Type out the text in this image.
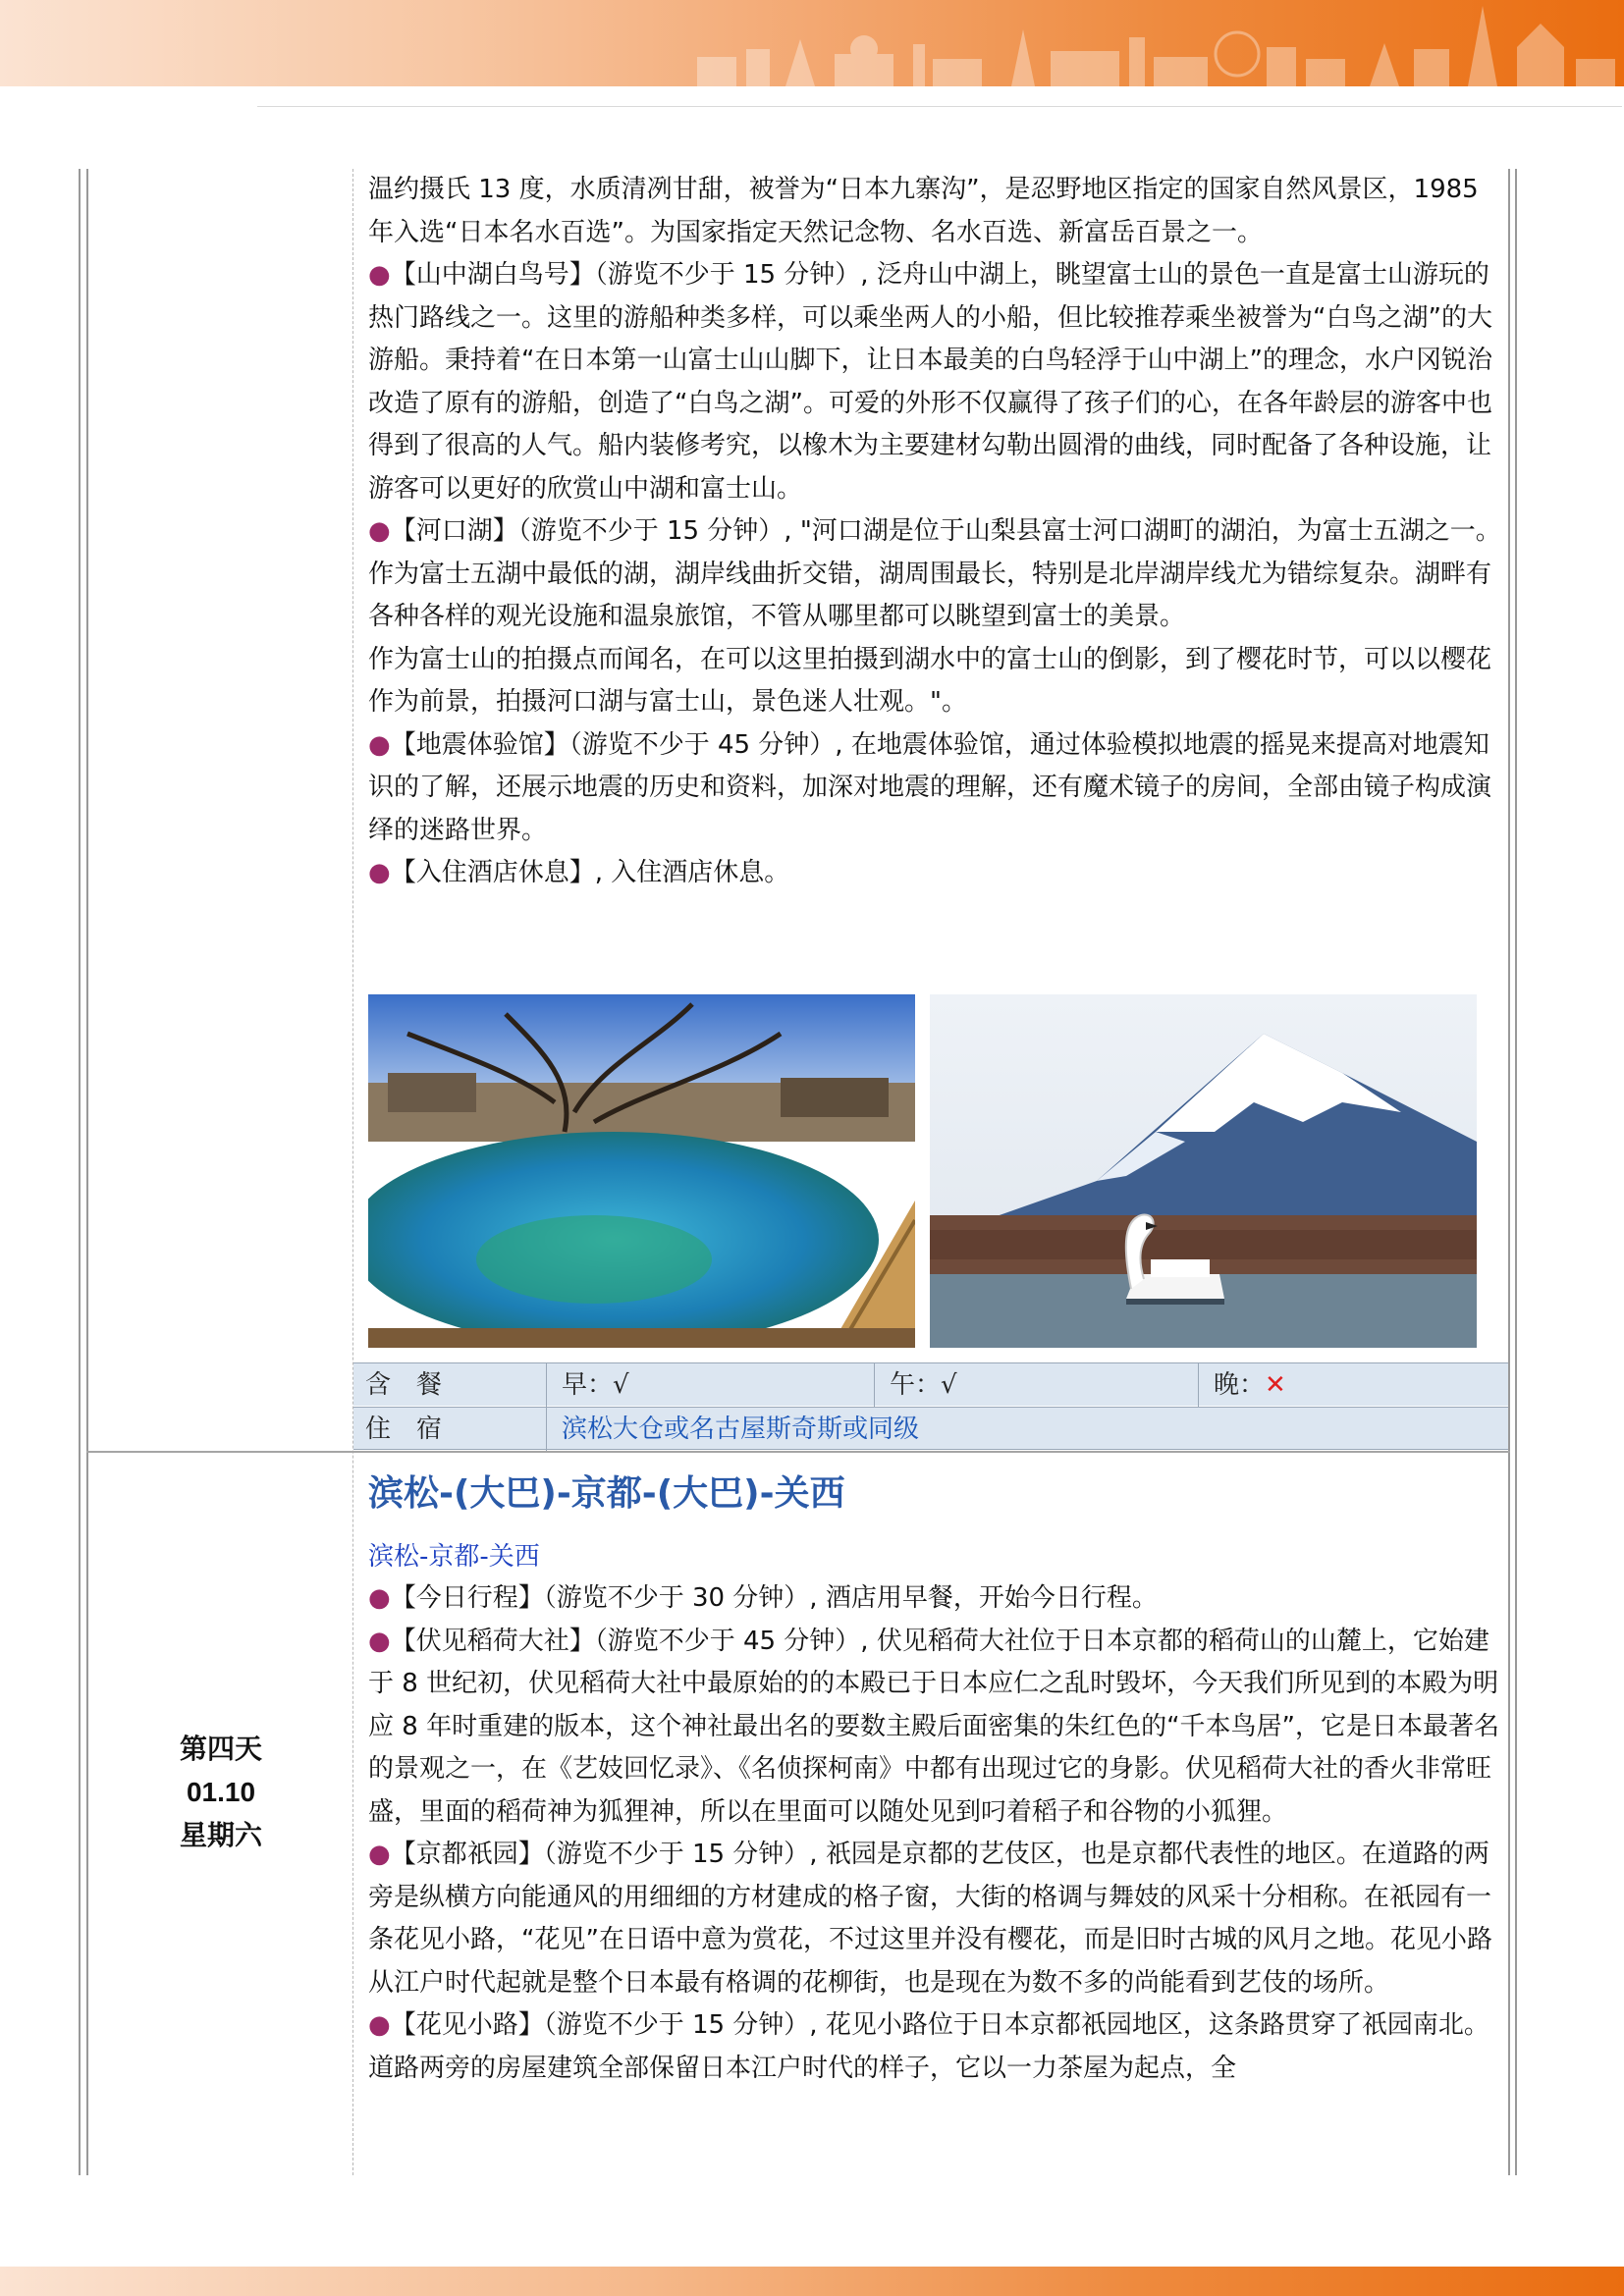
温约摄氏 13 度，水质清冽甘甜，被誉为“日本九寨沟”，是忍野地区指定的国家自然风景区，1985 年入选“日本名水百选”。为国家指定天然记念物、名水百选、新富岳百景之一。

●【山中湖白鸟号】（游览不少于 15 分钟）, 泛舟山中湖上，眺望富士山的景色一直是富士山游玩的热门路线之一。这里的游船种类多样，可以乘坐两人的小船，但比较推荐乘坐被誉为“白鸟之湖”的大游船。秉持着“在日本第一山富士山山脚下，让日本最美的白鸟轻浮于山中湖上”的理念，水户冈锐治改造了原有的游船，创造了“白鸟之湖”。可爱的外形不仅赢得了孩子们的心，在各年龄层的游客中也得到了很高的人气。船内装修考究，以橡木为主要建材勾勒出圆滑的曲线，同时配备了各种设施，让游客可以更好的欣赏山中湖和富士山。

●【河口湖】（游览不少于 15 分钟）, "河口湖是位于山梨县富士河口湖町的湖泊，为富士五湖之一。作为富士五湖中最低的湖，湖岸线曲折交错，湖周围最长，特别是北岸湖岸线尤为错综复杂。湖畔有各种各样的观光设施和温泉旅馆，不管从哪里都可以眺望到富士的美景。

作为富士山的拍摄点而闻名，在可以这里拍摄到湖水中的富士山的倒影，到了樱花时节，可以以樱花作为前景，拍摄河口湖与富士山，景色迷人壮观。"。

●【地震体验馆】（游览不少于 45 分钟）, 在地震体验馆，通过体验模拟地震的摇晃来提高对地震知识的了解，还展示地震的历史和资料，加深对地震的理解，还有魔术镜子的房间，全部由镜子构成演绎的迷路世界。

●【入住酒店休息】, 入住酒店休息。

含　餐	早：√	午：√	晚：✕
住　宿	滨松大仓或名古屋斯奇斯或同级
第四天
01.10
星期六
滨松-(大巴)-京都-(大巴)-关西
滨松-京都-关西

●【今日行程】（游览不少于 30 分钟）, 酒店用早餐，开始今日行程。

●【伏见稻荷大社】（游览不少于 45 分钟）, 伏见稻荷大社位于日本京都的稻荷山的山麓上，它始建于 8 世纪初，伏见稻荷大社中最原始的的本殿已于日本应仁之乱时毁坏，今天我们所见到的本殿为明应 8 年时重建的版本，这个神社最出名的要数主殿后面密集的朱红色的“千本鸟居”，它是日本最著名的景观之一，在《艺妓回忆录》、《名侦探柯南》中都有出现过它的身影。伏见稻荷大社的香火非常旺盛，里面的稻荷神为狐狸神，所以在里面可以随处见到叼着稻子和谷物的小狐狸。

●【京都祇园】（游览不少于 15 分钟）, 祇园是京都的艺伎区，也是京都代表性的地区。在道路的两旁是纵横方向能通风的用细细的方材建成的格子窗，大街的格调与舞妓的风采十分相称。在祇园有一条花见小路，“花见”在日语中意为赏花，不过这里并没有樱花，而是旧时古城的风月之地。花见小路从江户时代起就是整个日本最有格调的花柳街，也是现在为数不多的尚能看到艺伎的场所。

●【花见小路】（游览不少于 15 分钟）, 花见小路位于日本京都祇园地区，这条路贯穿了祇园南北。道路两旁的房屋建筑全部保留日本江户时代的样子，它以一力茶屋为起点，全
